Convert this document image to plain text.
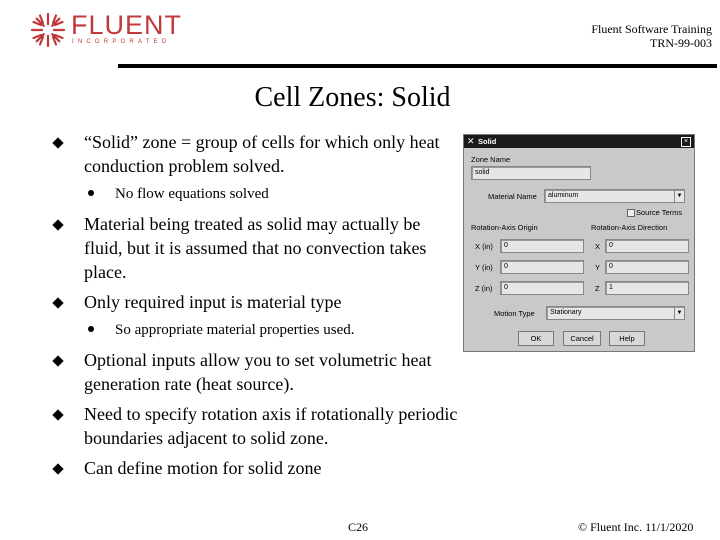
FLUENT
INCORPORATED
Fluent Software Training
TRN-99-003
Cell Zones: Solid
“Solid” zone = group of cells for which only heat conduction problem solved.
No flow equations solved
Material being treated as solid may actually be fluid, but it is assumed that no convection takes place.
Only required input is material type
So appropriate material properties used.
Optional inputs allow you to set volumetric heat generation rate (heat source).
Need to specify rotation axis if rotationally periodic boundaries adjacent to solid zone.
Can define motion for solid zone
✕ Solid	×
Zone Name
solid
Material Name	aluminum	▼
Source Terms
Rotation-Axis Origin	Rotation-Axis Direction
X (in)	0	X	0
Y (in)	0	Y	0
Z (in)	0	Z	1
Motion Type	Stationary	▼
OK	Cancel	Help
C26	© Fluent Inc. 11/1/2020
